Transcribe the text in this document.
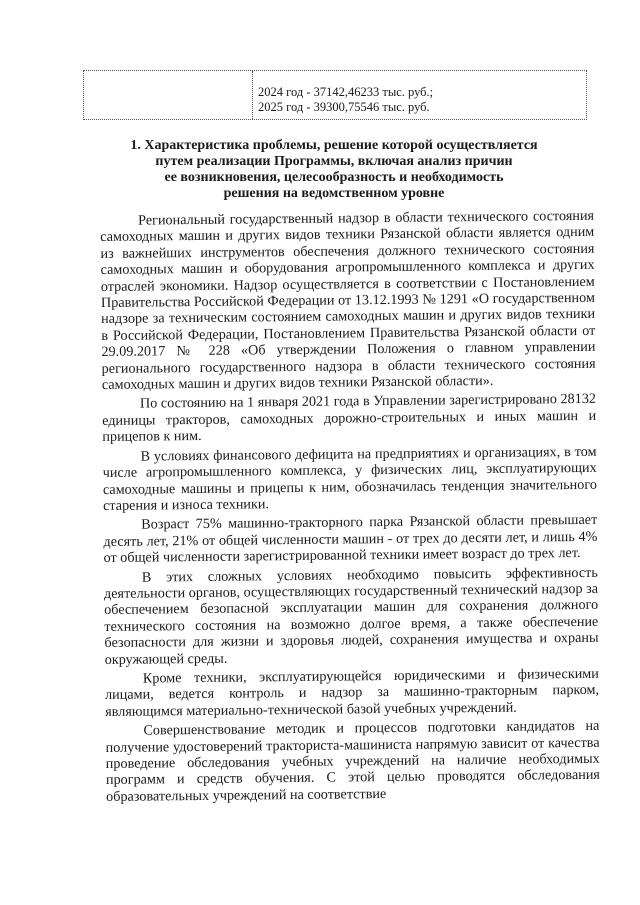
2024 год - 37142,46233 тыс. руб.;
2025 год - 39300,75546 тыс. руб.
1. Характеристика проблемы, решение которой осуществляется
путем реализации Программы, включая анализ причин
ее возникновения, целесообразность и необходимость
решения на ведомственном уровне

Региональный государственный надзор в области технического состояния самоходных машин и других видов техники Рязанской области является одним из важнейших инструментов обеспечения должного технического состояния самоходных машин и оборудования агропромышленного комплекса и других отраслей экономики. Надзор осуществляется в соответствии с Постановлением Правительства Российской Федерации от 13.12.1993 № 1291 «О государственном надзоре за техническим состоянием самоходных машин и других видов техники в Российской Федерации, Постановлением Правительства Рязанской области от 29.09.2017 № 228 «Об утверждении Положения о главном управлении регионального государственного надзора в области технического состояния самоходных машин и других видов техники Рязанской области».

По состоянию на 1 января 2021 года в Управлении зарегистрировано 28132 единицы тракторов, самоходных дорожно-строительных и иных машин и прицепов к ним.

В условиях финансового дефицита на предприятиях и организациях, в том числе агропромышленного комплекса, у физических лиц, эксплуатирующих самоходные машины и прицепы к ним, обозначилась тенденция значительного старения и износа техники.

Возраст 75% машинно-тракторного парка Рязанской области превышает десять лет, 21% от общей численности машин - от трех до десяти лет, и лишь 4% от общей численности зарегистрированной техники имеет возраст до трех лет.

В этих сложных условиях необходимо повысить эффективность деятельности органов, осуществляющих государственный технический надзор за обеспечением безопасной эксплуатации машин для сохранения должного технического состояния на возможно долгое время, а также обеспечение безопасности для жизни и здоровья людей, сохранения имущества и охраны окружающей среды.

Кроме техники, эксплуатирующейся юридическими и физическими лицами, ведется контроль и надзор за машинно-тракторным парком, являющимся материально-технической базой учебных учреждений.

Совершенствование методик и процессов подготовки кандидатов на получение удостоверений тракториста-машиниста напрямую зависит от качества проведение обследования учебных учреждений на наличие необходимых программ и средств обучения. С этой целью проводятся обследования образовательных учреждений на соответствие
